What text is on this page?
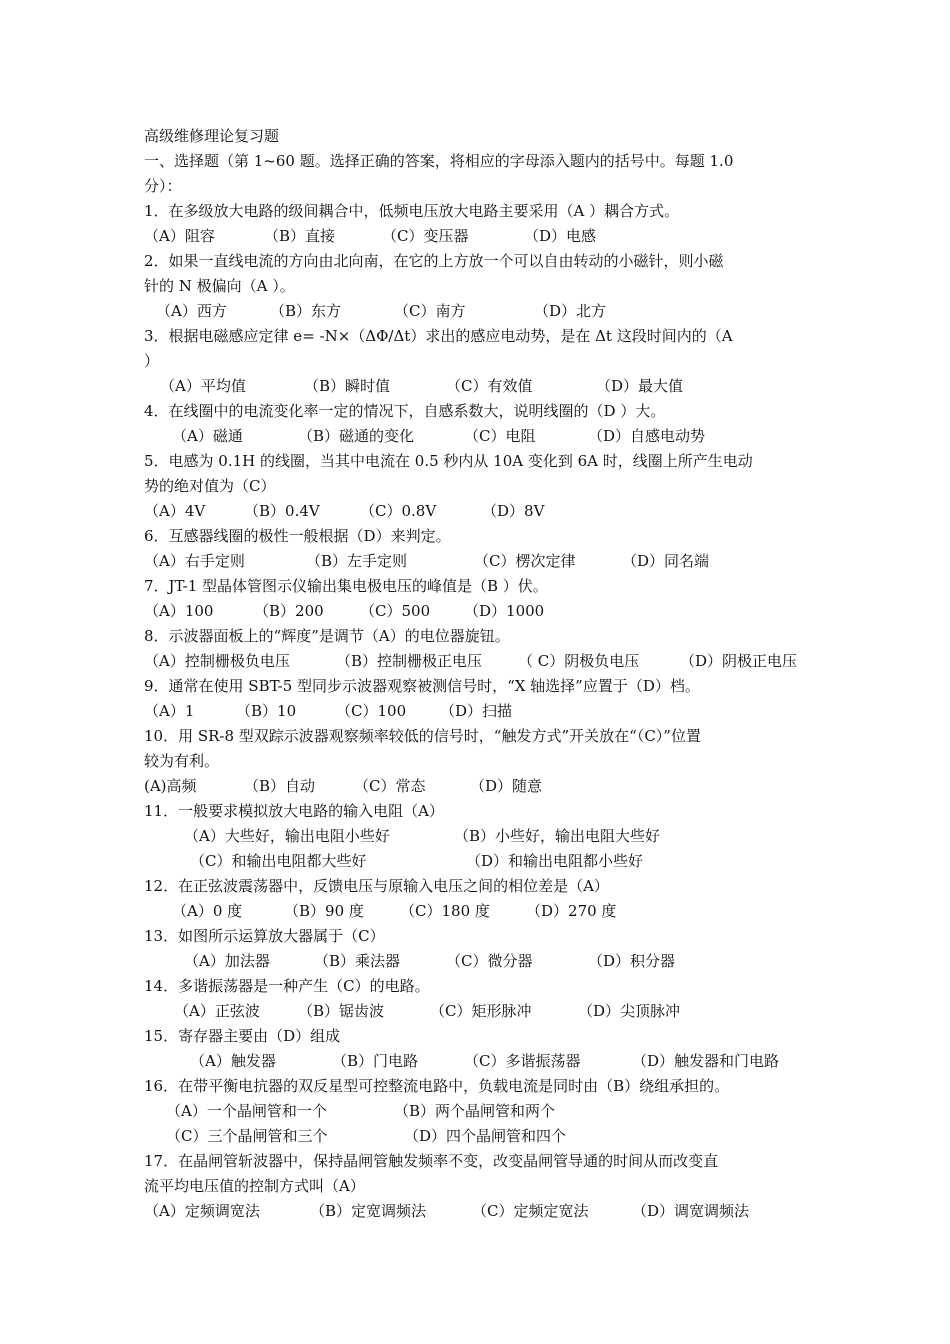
高级维修理论复习题
一、选择题（第 1~60 题。选择正确的答案，将相应的字母添入题内的括号中。每题 1.0
分）：
1．在多级放大电路的级间耦合中，低频电压放大电路主要采用（A ）耦合方式。
（A）阻容	（B）直接	（C）变压器	（D）电感
2．如果一直线电流的方向由北向南，在它的上方放一个可以自由转动的小磁针，则小磁
针的 N 极偏向（A ）。
（A）西方	（B）东方	（C）南方	（D）北方
3．根据电磁感应定律 e= -N×（ΔΦ/Δt）求出的感应电动势，是在 Δt 这段时间内的（A
）
（A）平均值	（B）瞬时值	（C）有效值	（D）最大值
4．在线圈中的电流变化率一定的情况下，自感系数大，说明线圈的（D ）大。
（A）磁通	（B）磁通的变化	（C）电阻	（D）自感电动势
5．电感为 0.1H 的线圈，当其中电流在 0.5 秒内从 10A 变化到 6A 时，线圈上所产生电动
势的绝对值为（C）
（A）4V	（B）0.4V	（C）0.8V	（D）8V
6．互感器线圈的极性一般根据（D）来判定。
（A）右手定则	（B）左手定则	（C）楞次定律	（D）同名端
7．JT-1 型晶体管图示仪输出集电极电压的峰值是（B ）伏。
（A）100	（B）200 （C）500 （D）1000
8．示波器面板上的“辉度”是调节（A）的电位器旋钮。
（A）控制栅极负电压	（B）控制栅极正电压 （ C）阴极负电压	（D）阴极正电压
9．通常在使用 SBT-5 型同步示波器观察被测信号时，“X 轴选择”应置于（D）档。
（A）1	（B）10	（C）100 （D）扫描
10．用 SR-8 型双踪示波器观察频率较低的信号时，“触发方式”开关放在“（C）”位置
较为有利。
(A)高频	（B）自动	（C）常态	（D）随意
11．一般要求模拟放大电路的输入电阻（A）
（A）大些好，输出电阻小些好	（B）小些好，输出电阻大些好
（C）和输出电阻都大些好	（D）和输出电阻都小些好
12．在正弦波震荡器中，反馈电压与原输入电压之间的相位差是（A）
（A）0 度	（B）90 度 （C）180 度 （D）270 度
13．如图所示运算放大器属于（C）
（A）加法器	（B）乘法器	（C）微分器	（D）积分器
14．多谐振荡器是一种产生（C）的电路。
（A）正弦波	（B）锯齿波	（C）矩形脉冲	（D）尖顶脉冲
15．寄存器主要由（D）组成
（A）触发器	（B）门电路	（C）多谐振荡器	（D）触发器和门电路
16．在带平衡电抗器的双反星型可控整流电路中，负载电流是同时由（B）绕组承担的。
（A）一个晶闸管和一个	（B）两个晶闸管和两个
（C）三个晶闸管和三个	（D）四个晶闸管和四个
17．在晶闸管斩波器中，保持晶闸管触发频率不变，改变晶闸管导通的时间从而改变直
流平均电压值的控制方式叫（A）
（A）定频调宽法	（B）定宽调频法	（C）定频定宽法	（D）调宽调频法
